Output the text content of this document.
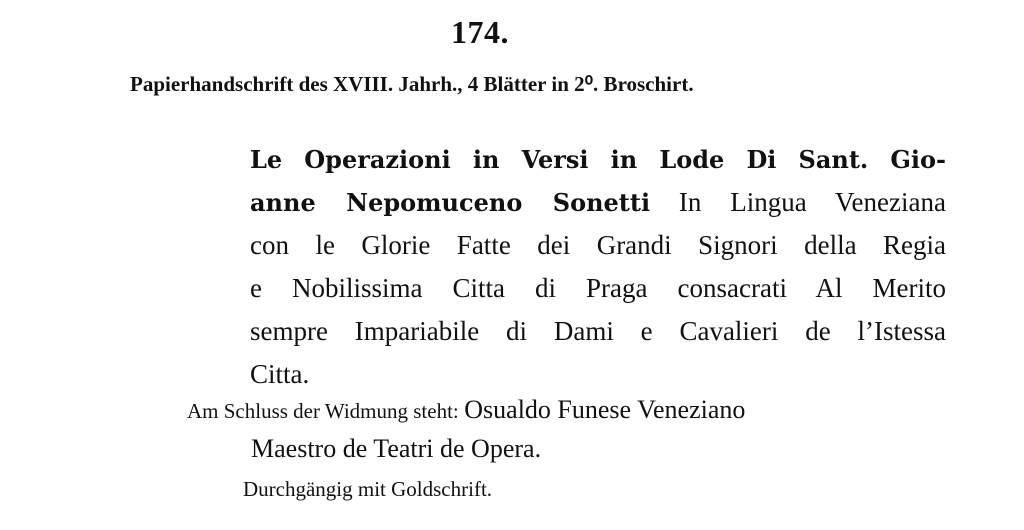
174.
Papierhandschrift des XVIII. Jahrh., 4 Blätter in 2⁰. Broschirt.
Le Operazioni in Versi in Lode Di Sant. Gio-
anne Nepomuceno Sonetti In Lingua Veneziana
con le Glorie Fatte dei Grandi Signori della Regia
e Nobilissima Citta di Praga consacrati Al Merito
sempre Impariabile di Dami e Cavalieri de l’Istessa
Citta.
Am Schluss der Widmung steht: Osualdo Funese Veneziano
Maestro de Teatri de Opera.
Durchgängig mit Goldschrift.
